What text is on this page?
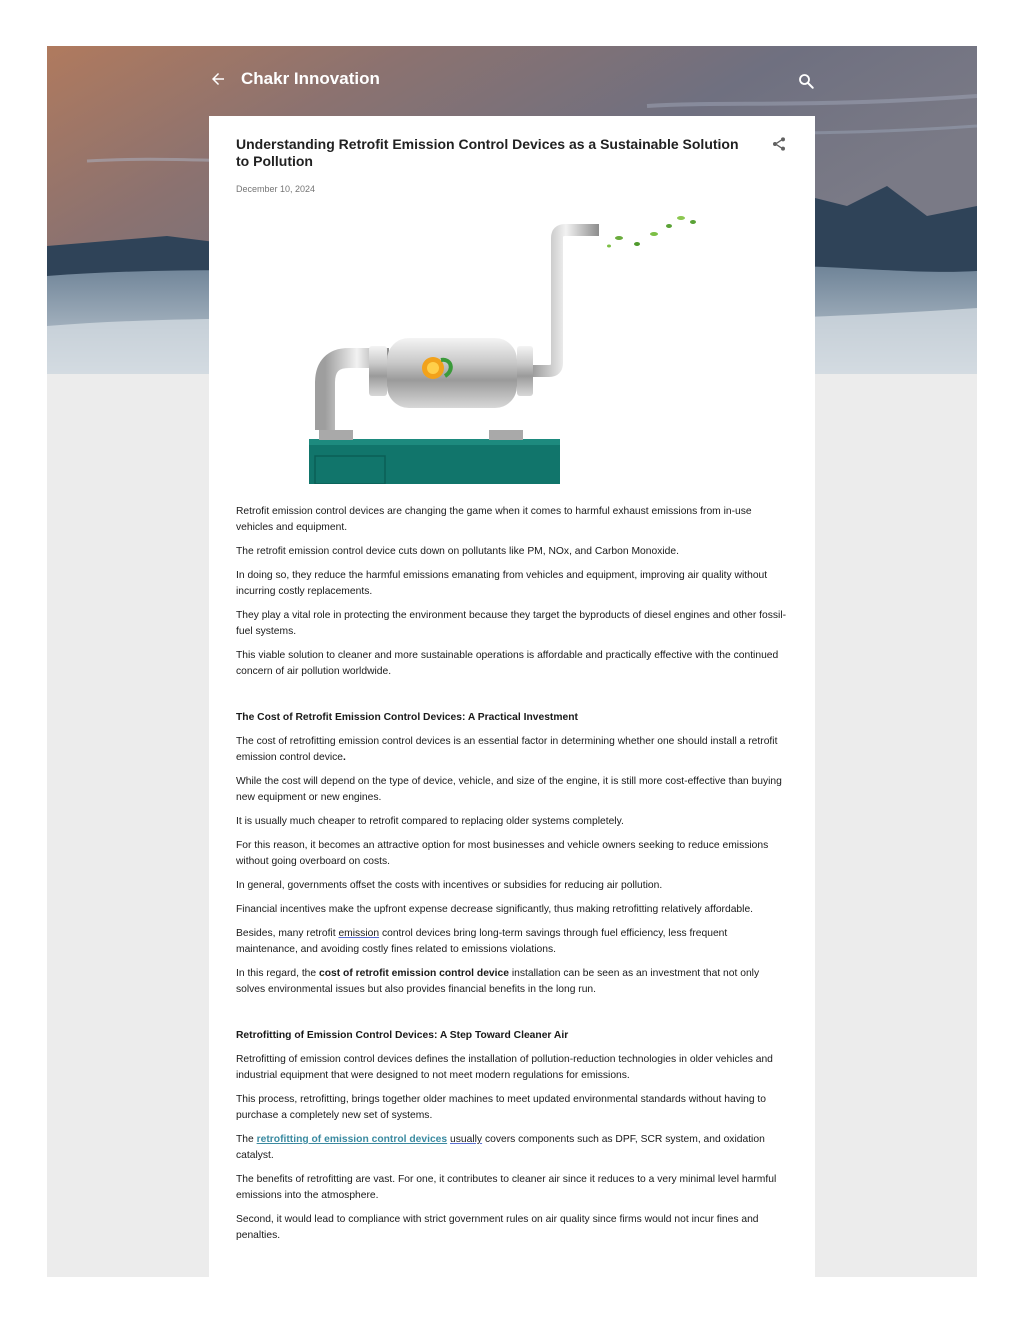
Chakr Innovation
Understanding Retrofit Emission Control Devices as a Sustainable Solution to Pollution
December 10, 2024

Retrofit emission control devices are changing the game when it comes to harmful exhaust emissions from in-use vehicles and equipment.

The retrofit emission control device cuts down on pollutants like PM, NOx, and Carbon Monoxide.

In doing so, they reduce the harmful emissions emanating from vehicles and equipment, improving air quality without incurring costly replacements.

They play a vital role in protecting the environment because they target the byproducts of diesel engines and other fossil-fuel systems.

This viable solution to cleaner and more sustainable operations is affordable and practically effective with the continued concern of air pollution worldwide.

The Cost of Retrofit Emission Control Devices: A Practical Investment

The cost of retrofitting emission control devices is an essential factor in determining whether one should install a retrofit emission control device.

While the cost will depend on the type of device, vehicle, and size of the engine, it is still more cost-effective than buying new equipment or new engines.

It is usually much cheaper to retrofit compared to replacing older systems completely.

For this reason, it becomes an attractive option for most businesses and vehicle owners seeking to reduce emissions without going overboard on costs.

In general, governments offset the costs with incentives or subsidies for reducing air pollution.

Financial incentives make the upfront expense decrease significantly, thus making retrofitting relatively affordable.

Besides, many retrofit emission control devices bring long-term savings through fuel efficiency, less frequent maintenance, and avoiding costly fines related to emissions violations.

In this regard, the cost of retrofit emission control device installation can be seen as an investment that not only solves environmental issues but also provides financial benefits in the long run.

Retrofitting of Emission Control Devices: A Step Toward Cleaner Air

Retrofitting of emission control devices defines the installation of pollution-reduction technologies in older vehicles and industrial equipment that were designed to not meet modern regulations for emissions.

This process, retrofitting, brings together older machines to meet updated environmental standards without having to purchase a completely new set of systems.

The retrofitting of emission control devices usually covers components such as DPF, SCR system, and oxidation catalyst.

The benefits of retrofitting are vast. For one, it contributes to cleaner air since it reduces to a very minimal level harmful emissions into the atmosphere.

Second, it would lead to compliance with strict government rules on air quality since firms would not incur fines and penalties.
